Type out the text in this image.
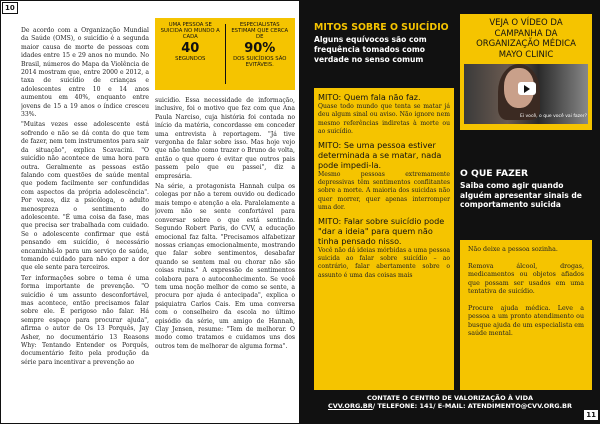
10

De acordo com a Organização Mundial da Saúde (OMS), o suicídio é a segunda maior causa de morte de pessoas com idades entre 15 e 29 anos no mundo. No Brasil, números do Mapa da Violência de 2014 mostram que, entre 2000 e 2012, a taxa de suicídio de crianças e adolescentes entre 10 e 14 anos aumentou em 40%, enquanto entre jovens de 15 a 19 anos o índice cresceu 33%.

"Muitas vezes esse adolescente está sofrendo e não se dá conta do que tem de fazer, nem tem instrumentos para sair da situação", explica Scavacini. "O suicídio não acontece de uma hora para outra. Geralmente as pessoas estão falando com questões de saúde mental que podem facilmente ser confundidas com aspectos da própria adolescência". Por vezes, diz a psicóloga, o adulto menospreza o sentimento do adolescente. "É uma coisa da fase, mas que precisa ser trabalhada com cuidado. Se o adolescente confirmar que está pensando em suicídio, é necessário encaminhá-lo para um serviço de saúde, tomando cuidado para não expor a dor que ele sente para terceiros.

Ter informações sobre o tema é uma forma importante de prevenção. "O suicídio é um assunto desconfortável, mas acontece, então precisamos falar sobre ele. É perigoso não falar. Há sempre espaço para procurar ajuda", afirma o autor de Os 13 Porquês, Jay Asher, no documentário 13 Reasons Why: Tentando Entender os Porquês, documentário feito pela produção da série para incentivar a prevenção ao

UMA PESSOA SE SUICIDA NO MUNDO A CADA
40
SEGUNDOS
ESPECIALISTAS ESTIMAM QUE CERCA DE
90%
DOS SUICÍDIOS SÃO EVITÁVEIS.

suicídio. Essa necessidade de informação, inclusive, foi o motivo que fez com que Ana Paula Narciso, cuja história foi contada no início da matéria, concordasse em conceder uma entrevista à reportagem. "Já tive vergonha de falar sobre isso. Mas hoje vejo que não tenho como trazer o Bruno de volta, então o que quero é evitar que outros pais passem pelo que eu passei", diz a empresária.

Na série, a protagonista Hannah culpa os colegas por não a terem ouvido ou dedicado mais tempo e atenção a ela. Paralelamente a jovem não se sente confortável para conversar sobre o que está sentindo. Segundo Robert Paris, do CVV, a educação emocional faz falta. "Precisamos alfabetizar nossas crianças emocionalmente, mostrando que falar sobre sentimentos, desabafar quando se sentem mal ou chorar não são coisas ruins." A expressão de sentimentos colabora para o autoconhecimento. Se você tem uma noção melhor de como se sente, a procura por ajuda é antecipada", explica o psiquiatra Carlos Cais. Em uma conversa com o conselheiro da escola no último episódio da série, um amigo de Hannah, Clay Jensen, resume: "Tem de melhorar. O modo como tratamos e cuidamos uns dos outros tem de melhorar de alguma forma".

MITOS SOBRE O SUICÍDIO
Alguns equívocos são com frequência tomados como verdade no senso comum
MITO: Quem fala não faz.
Quase todo mundo que tenta se matar já deu algum sinal ou aviso. Não ignore nem mesmo referências indiretas à morte ou ao suicídio.
MITO: Se uma pessoa estiver determinada a se matar, nada pode impedi-la.
Mesmo pessoas extremamente depressivas têm sentimentos conflitantes sobre a morte. A maioria dos suicidas não quer morrer, quer apenas interromper uma dor.
MITO: Falar sobre suicídio pode "dar a ideia" para quem não tinha pensado nisso.
Você não dá ideias mórbidas a uma pessoa suicida ao falar sobre suicídio – ao contrário, falar abertamente sobre o assunto é uma das coisas mais
VEJA O VÍDEO DA CAMPANHA DA ORGANIZAÇÃO MÉDICA MAYO CLINIC
Ei você, o que você vai fazer?
O QUE FAZER
Saiba como agir quando alguém apresentar sinais de comportamento suicida

Não deixe a pessoa sozinha.

Remova álcool, drogas, medicamentos ou objetos afiados que possam ser usados em uma tentativa de suicídio.

Procure ajuda médica. Leve a pessoa a um pronto atendimento ou busque ajuda de um especialista em saúde mental.

CONTATE O CENTRO DE VALORIZAÇÃO À VIDA
CVV.ORG.BR/ TELEFONE: 141/ E-MAIL: ATENDIMENTO@CVV.ORG.BR
11
